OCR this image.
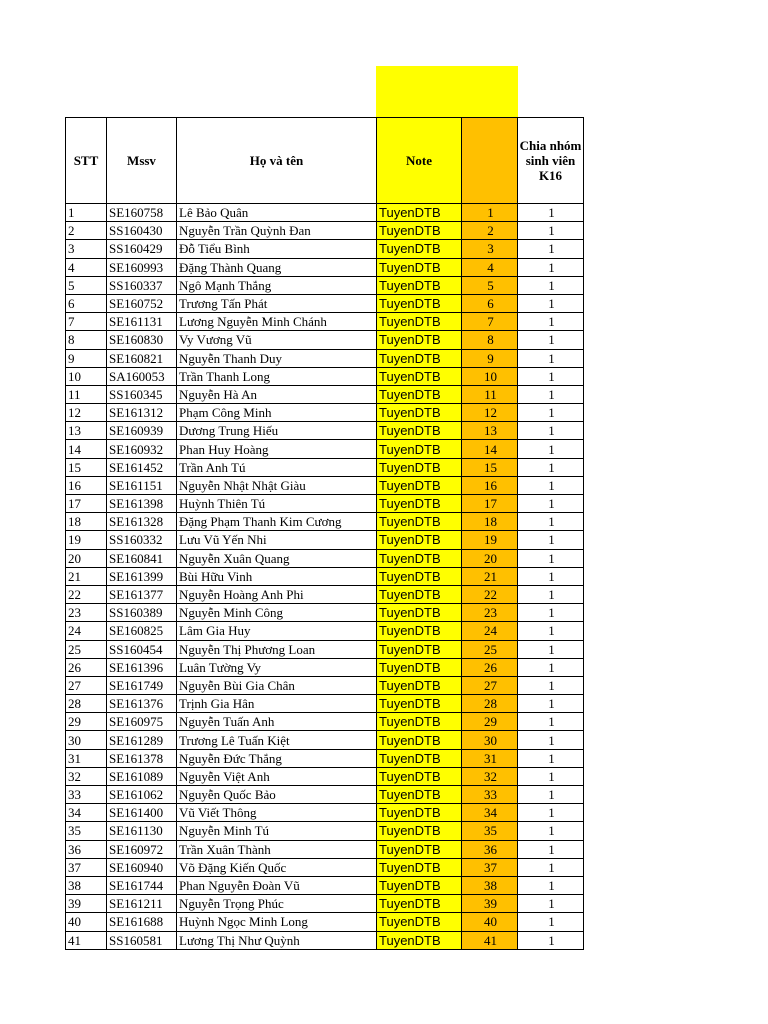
STT	Mssv	Họ và tên	Note		Chia nhóm sinh viên K16
1	SE160758	Lê Bảo Quân	TuyenDTB	1	1
2	SS160430	Nguyễn Trần Quỳnh Đan	TuyenDTB	2	1
3	SS160429	Đỗ Tiểu Bình	TuyenDTB	3	1
4	SE160993	Đặng Thành Quang	TuyenDTB	4	1
5	SS160337	Ngô Mạnh Thắng	TuyenDTB	5	1
6	SE160752	Trương Tấn Phát	TuyenDTB	6	1
7	SE161131	Lương Nguyễn Minh Chánh	TuyenDTB	7	1
8	SE160830	Vy Vương Vũ	TuyenDTB	8	1
9	SE160821	Nguyễn Thanh Duy	TuyenDTB	9	1
10	SA160053	Trần Thanh Long	TuyenDTB	10	1
11	SS160345	Nguyễn Hà An	TuyenDTB	11	1
12	SE161312	Phạm Công Minh	TuyenDTB	12	1
13	SE160939	Dương Trung Hiếu	TuyenDTB	13	1
14	SE160932	Phan Huy Hoàng	TuyenDTB	14	1
15	SE161452	Trần Anh Tú	TuyenDTB	15	1
16	SE161151	Nguyễn Nhật Nhật Giàu	TuyenDTB	16	1
17	SE161398	Huỳnh Thiên Tú	TuyenDTB	17	1
18	SE161328	Đặng Phạm Thanh Kim Cương	TuyenDTB	18	1
19	SS160332	Lưu Vũ Yến Nhi	TuyenDTB	19	1
20	SE160841	Nguyễn Xuân Quang	TuyenDTB	20	1
21	SE161399	Bùi Hữu Vinh	TuyenDTB	21	1
22	SE161377	Nguyễn Hoàng Anh Phi	TuyenDTB	22	1
23	SS160389	Nguyễn Minh Công	TuyenDTB	23	1
24	SE160825	Lâm Gia Huy	TuyenDTB	24	1
25	SS160454	Nguyễn Thị Phương Loan	TuyenDTB	25	1
26	SE161396	Luân Tường Vy	TuyenDTB	26	1
27	SE161749	Nguyễn Bùi Gia Chân	TuyenDTB	27	1
28	SE161376	Trịnh Gia Hân	TuyenDTB	28	1
29	SE160975	Nguyễn Tuấn Anh	TuyenDTB	29	1
30	SE161289	Trương Lê Tuấn Kiệt	TuyenDTB	30	1
31	SE161378	Nguyễn Đức Thắng	TuyenDTB	31	1
32	SE161089	Nguyễn Việt Anh	TuyenDTB	32	1
33	SE161062	Nguyễn Quốc Bảo	TuyenDTB	33	1
34	SE161400	Vũ Viết Thông	TuyenDTB	34	1
35	SE161130	Nguyễn Minh Tú	TuyenDTB	35	1
36	SE160972	Trần Xuân Thành	TuyenDTB	36	1
37	SE160940	Võ Đặng Kiến Quốc	TuyenDTB	37	1
38	SE161744	Phan Nguyễn Đoàn Vũ	TuyenDTB	38	1
39	SE161211	Nguyễn Trọng Phúc	TuyenDTB	39	1
40	SE161688	Huỳnh Ngọc Minh Long	TuyenDTB	40	1
41	SS160581	Lương Thị Như Quỳnh	TuyenDTB	41	1
